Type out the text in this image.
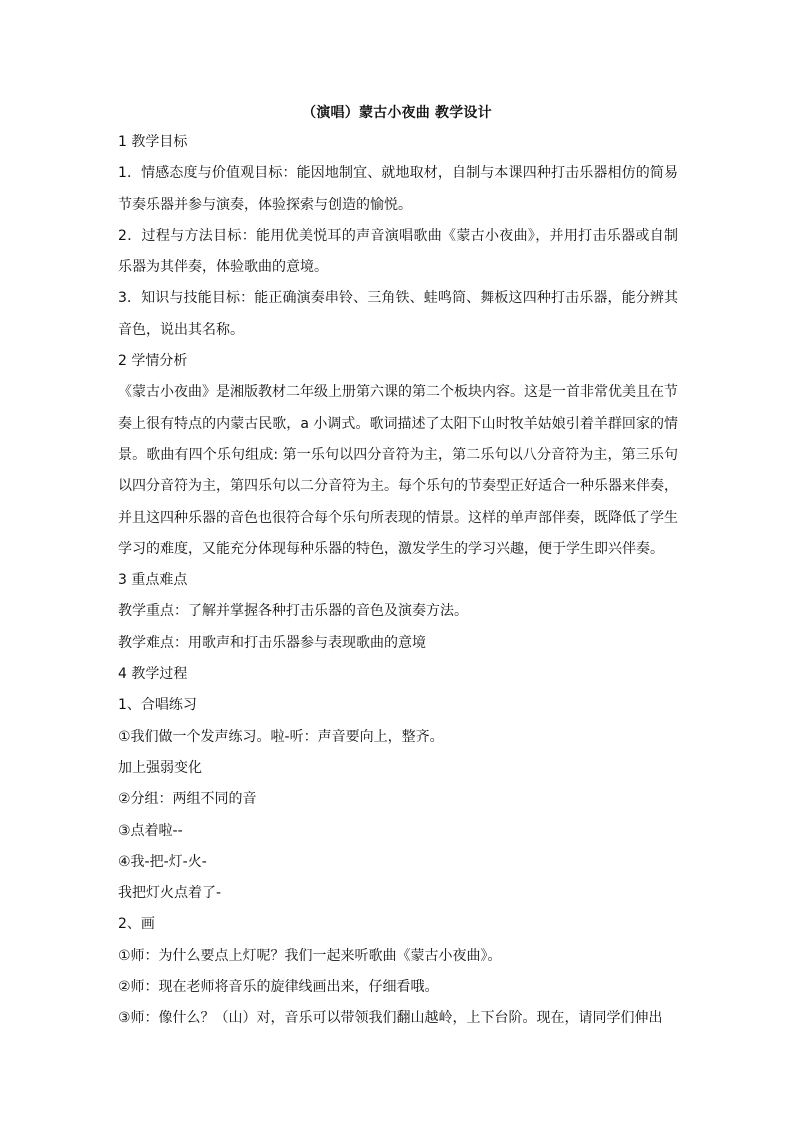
（演唱）蒙古小夜曲 教学设计
1 教学目标
1．情感态度与价值观目标：能因地制宜、就地取材，自制与本课四种打击乐器相仿的简易
节奏乐器并参与演奏，体验探索与创造的愉悦。
2．过程与方法目标：能用优美悦耳的声音演唱歌曲《蒙古小夜曲》，并用打击乐器或自制
乐器为其伴奏，体验歌曲的意境。
3．知识与技能目标：能正确演奏串铃、三角铁、蛙鸣筒、舞板这四种打击乐器，能分辨其
音色，说出其名称。
2 学情分析
《蒙古小夜曲》是湘版教材二年级上册第六课的第二个板块内容。这是一首非常优美且在节
奏上很有特点的内蒙古民歌，a 小调式。歌词描述了太阳下山时牧羊姑娘引着羊群回家的情
景。歌曲有四个乐句组成: 第一乐句以四分音符为主，第二乐句以八分音符为主，第三乐句
以四分音符为主，第四乐句以二分音符为主。每个乐句的节奏型正好适合一种乐器来伴奏，
并且这四种乐器的音色也很符合每个乐句所表现的情景。这样的单声部伴奏，既降低了学生
学习的难度，又能充分体现每种乐器的特色，激发学生的学习兴趣，便于学生即兴伴奏。
3 重点难点
教学重点：了解并掌握各种打击乐器的音色及演奏方法。
教学难点：用歌声和打击乐器参与表现歌曲的意境
4 教学过程
1、合唱练习
①我们做一个发声练习。啦-听：声音要向上，整齐。
加上强弱变化
②分组：两组不同的音
③点着啦--
④我-把-灯-火-
我把灯火点着了-
2、画
①师：为什么要点上灯呢？我们一起来听歌曲《蒙古小夜曲》。
②师：现在老师将音乐的旋律线画出来，仔细看哦。
③师：像什么？（山）对，音乐可以带领我们翻山越岭，上下台阶。现在，请同学们伸出
